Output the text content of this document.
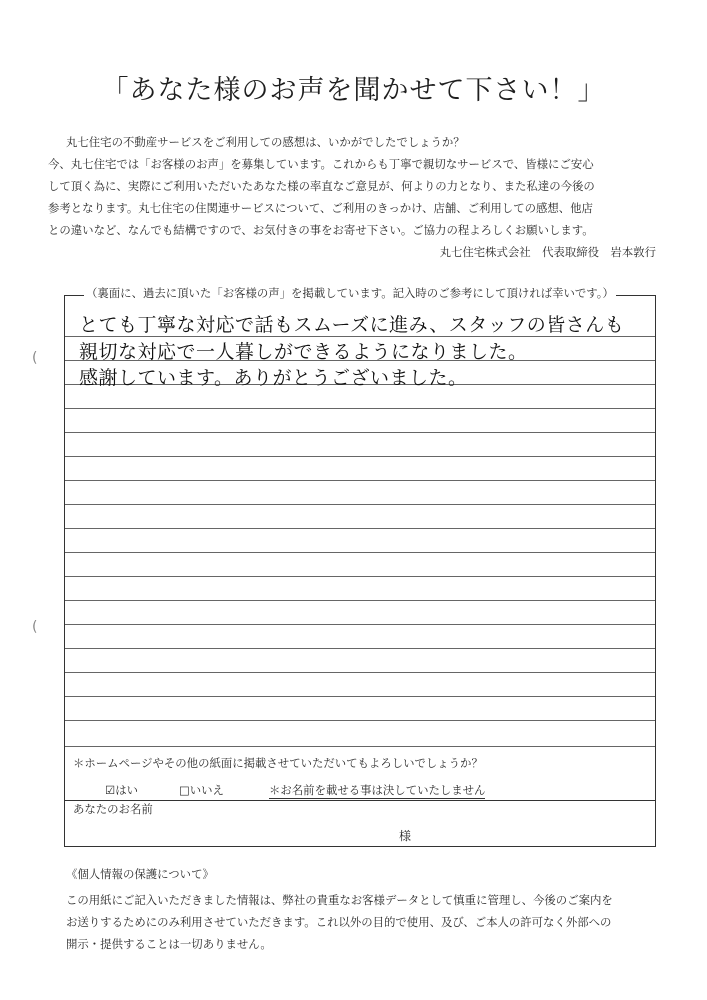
「あなた様のお声を聞かせて下さい！」
丸七住宅の不動産サービスをご利用しての感想は、いかがでしたでしょうか？
今、丸七住宅では「お客様のお声」を募集しています。これからも丁寧で親切なサービスで、皆様にご安心
して頂く為に、実際にご利用いただいたあなた様の率直なご意見が、何よりの力となり、また私達の今後の
参考となります。丸七住宅の住関連サービスについて、ご利用のきっかけ、店舗、ご利用しての感想、他店
との違いなど、なんでも結構ですので、お気付きの事をお寄せ下さい。ご協力の程よろしくお願いします。
丸七住宅株式会社　代表取締役　岩本敦行
(
(
（裏面に、過去に頂いた「お客様の声」を掲載しています。記入時のご参考にして頂ければ幸いです。）
とても丁寧な対応で話もスムーズに進み、スタッフの皆さんも
親切な対応で一人暮しができるようになりました。
感謝しています。ありがとうございました。
＊ホームページやその他の紙面に掲載させていただいてもよろしいでしょうか？
☑はい	□いいえ	＊お名前を載せる事は決していたしません
あなたのお名前
様
《個人情報の保護について》
この用紙にご記入いただきました情報は、弊社の貴重なお客様データとして慎重に管理し、今後のご案内を
お送りするためにのみ利用させていただきます。これ以外の目的で使用、及び、ご本人の許可なく外部への
開示・提供することは一切ありません。
